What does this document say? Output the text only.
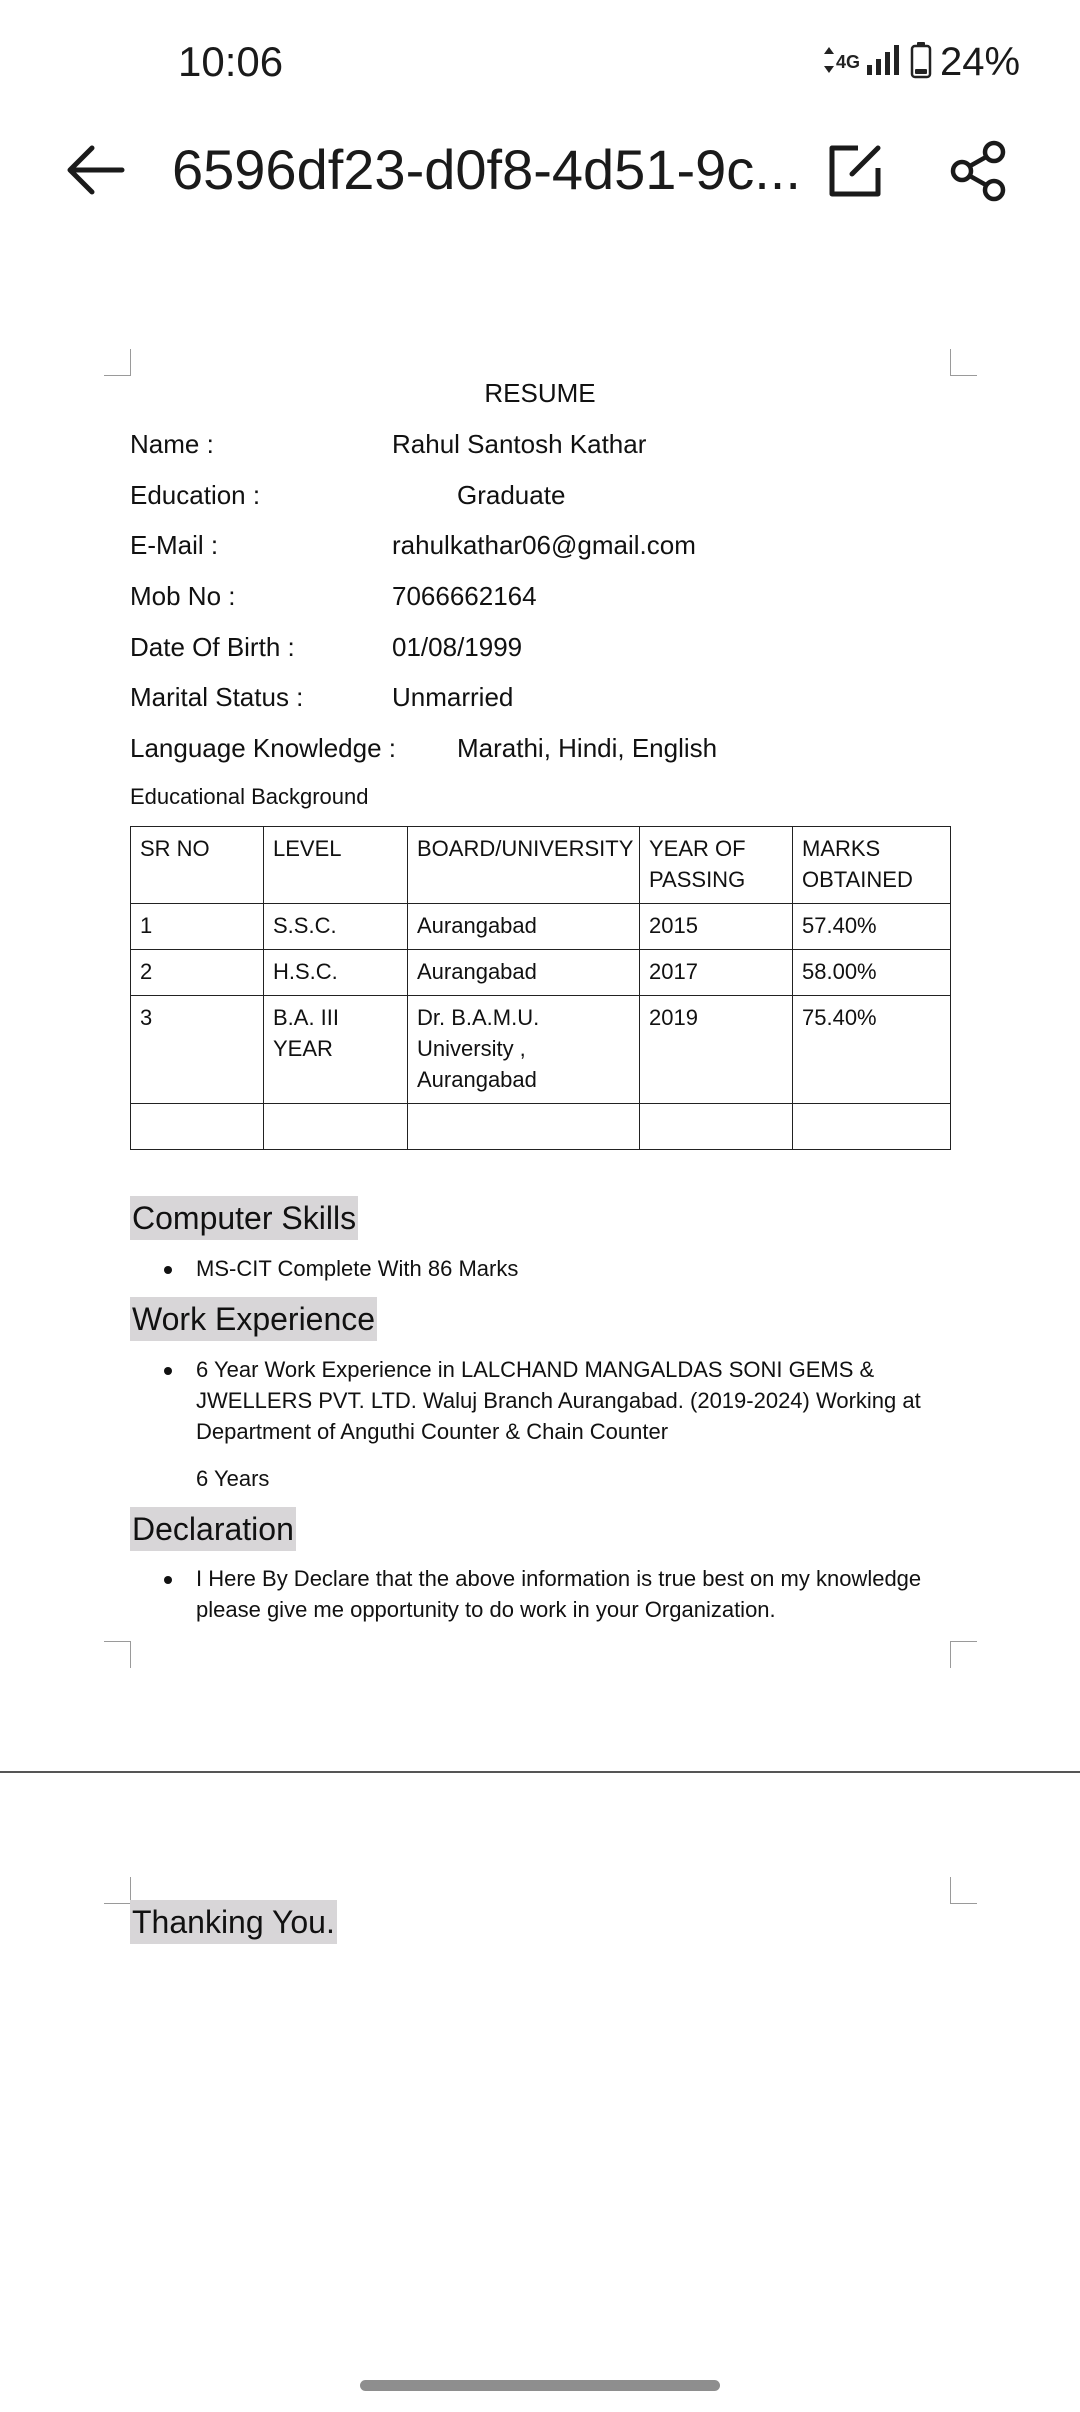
10:06	4G 24%
6596df23-d0f8-4d51-9c...
RESUME
Name :	Rahul Santosh Kathar
Education :	Graduate
E-Mail :	rahulkathar06@gmail.com
Mob No :	7066662164
Date Of Birth :	01/08/1999
Marital Status :	Unmarried
Language Knowledge : Marathi, Hindi, English
Educational Background
SR NO	LEVEL	BOARD/UNIVERSITY	YEAR OF PASSING	MARKS OBTAINED
1	S.S.C.	Aurangabad	2015	57.40%
2	H.S.C.	Aurangabad	2017	58.00%
3	B.A. III YEAR	Dr. B.A.M.U. University , Aurangabad	2019	75.40%

Computer Skills
MS-CIT Complete With 86 Marks
Work Experience
6 Year Work Experience in LALCHAND MANGALDAS SONI GEMS & JWELLERS PVT. LTD. Waluj Branch Aurangabad. (2019-2024) Working at Department of Anguthi Counter & Chain Counter
6 Years
Declaration
I Here By Declare that the above information is true best on my knowledge please give me opportunity to do work in your Organization.
Thanking You.
